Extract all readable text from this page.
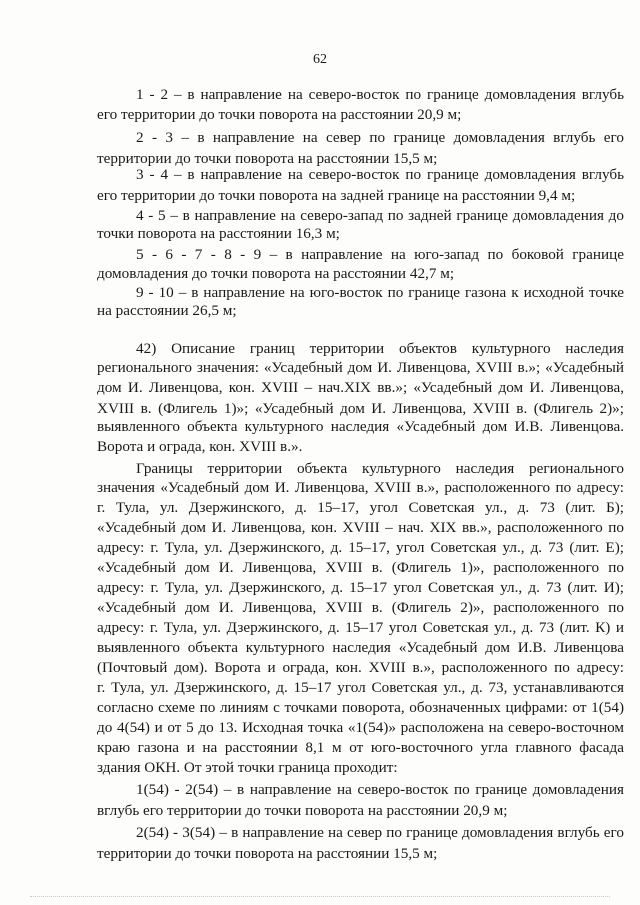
62
1 - 2 – в направление на северо-восток по границе домовладения вглубь
его территории до точки поворота на расстоянии 20,9 м;
2 - 3 – в направление на север по границе домовладения вглубь его
территории до точки поворота на расстоянии 15,5 м;
3 - 4 – в направление на северо-восток по границе домовладения вглубь
его территории до точки поворота на задней границе на расстоянии 9,4 м;
4 - 5 – в направление на северо-запад по задней границе домовладения до
точки поворота на расстоянии 16,3 м;
5 - 6 - 7 - 8 - 9 – в направление на юго-запад по боковой границе
домовладения до точки поворота на расстоянии 42,7 м;
9 - 10 – в направление на юго-восток по границе газона к исходной точке
на расстоянии 26,5 м;
42) Описание границ территории объектов культурного наследия
регионального значения: «Усадебный дом И. Ливенцова, XVIII в.»; «Усадебный
дом И. Ливенцова, кон. XVIII – нач.XIX вв.»; «Усадебный дом И. Ливенцова,
XVIII в. (Флигель 1)»; «Усадебный дом И. Ливенцова, XVIII в. (Флигель 2)»;
выявленного объекта культурного наследия «Усадебный дом И.В. Ливенцова.
Ворота и ограда, кон. XVIII в.».
Границы территории объекта культурного наследия регионального
значения «Усадебный дом И. Ливенцова, XVIII в.», расположенного по адресу:
г. Тула, ул. Дзержинского, д. 15–17, угол Советская ул., д. 73 (лит. Б);
«Усадебный дом И. Ливенцова, кон. XVIII – нач. XIX вв.», расположенного по
адресу: г. Тула, ул. Дзержинского, д. 15–17, угол Советская ул., д. 73 (лит. Е);
«Усадебный дом И. Ливенцова, XVIII в. (Флигель 1)», расположенного по
адресу: г. Тула, ул. Дзержинского, д. 15–17 угол Советская ул., д. 73 (лит. И);
«Усадебный дом И. Ливенцова, XVIII в. (Флигель 2)», расположенного по
адресу: г. Тула, ул. Дзержинского, д. 15–17 угол Советская ул., д. 73 (лит. К) и
выявленного объекта культурного наследия «Усадебный дом И.В. Ливенцова
(Почтовый дом). Ворота и ограда, кон. XVIII в.», расположенного по адресу:
г. Тула, ул. Дзержинского, д. 15–17 угол Советская ул., д. 73, устанавливаются
согласно схеме по линиям с точками поворота, обозначенных цифрами: от 1(54)
до 4(54) и от 5 до 13. Исходная точка «1(54)» расположена на северо-восточном
краю газона и на расстоянии 8,1 м от юго-восточного угла главного фасада
здания ОКН. От этой точки граница проходит:
1(54) - 2(54) – в направление на северо-восток по границе домовладения
вглубь его территории до точки поворота на расстоянии 20,9 м;
2(54) - 3(54) – в направление на север по границе домовладения вглубь его
территории до точки поворота на расстоянии 15,5 м;
